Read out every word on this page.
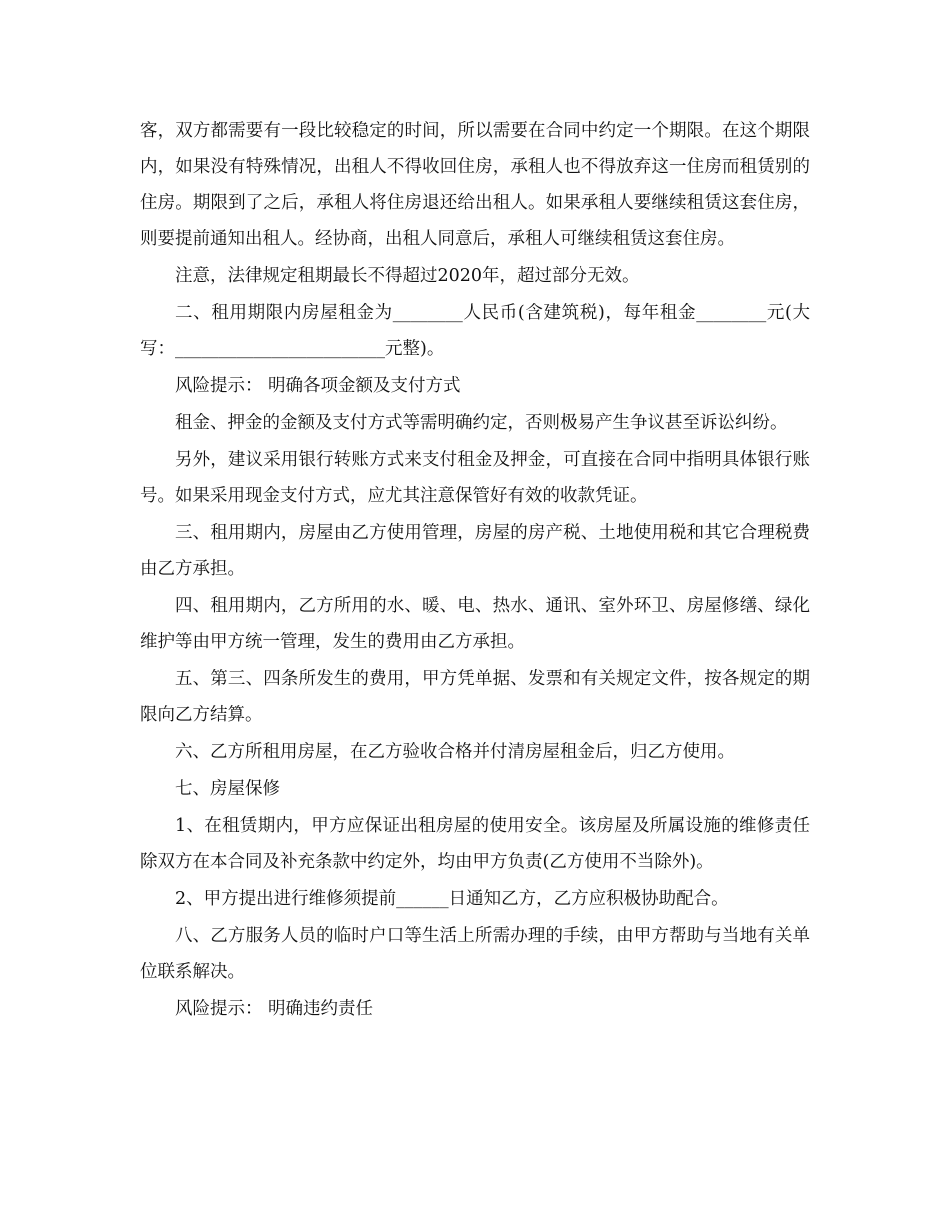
客，双方都需要有一段比较稳定的时间，所以需要在合同中约定一个期限。在这个期限内，如果没有特殊情况，出租人不得收回住房，承租人也不得放弃这一住房而租赁别的住房。期限到了之后，承租人将住房退还给出租人。如果承租人要继续租赁这套住房，则要提前通知出租人。经协商，出租人同意后，承租人可继续租赁这套住房。

注意，法律规定租期最长不得超过2020年，超过部分无效。

二、租用期限内房屋租金为________人民币(含建筑税)，每年租金________元(大写：________________________元整)。

风险提示： 明确各项金额及支付方式

租金、押金的金额及支付方式等需明确约定，否则极易产生争议甚至诉讼纠纷。

另外，建议采用银行转账方式来支付租金及押金，可直接在合同中指明具体银行账号。如果采用现金支付方式，应尤其注意保管好有效的收款凭证。

三、租用期内，房屋由乙方使用管理，房屋的房产税、土地使用税和其它合理税费由乙方承担。

四、租用期内，乙方所用的水、暖、电、热水、通讯、室外环卫、房屋修缮、绿化维护等由甲方统一管理，发生的费用由乙方承担。

五、第三、四条所发生的费用，甲方凭单据、发票和有关规定文件，按各规定的期限向乙方结算。

六、乙方所租用房屋，在乙方验收合格并付清房屋租金后，归乙方使用。

七、房屋保修

1、在租赁期内，甲方应保证出租房屋的使用安全。该房屋及所属设施的维修责任除双方在本合同及补充条款中约定外，均由甲方负责(乙方使用不当除外)。

2、甲方提出进行维修须提前______日通知乙方，乙方应积极协助配合。

八、乙方服务人员的临时户口等生活上所需办理的手续，由甲方帮助与当地有关单位联系解决。

风险提示： 明确违约责任
